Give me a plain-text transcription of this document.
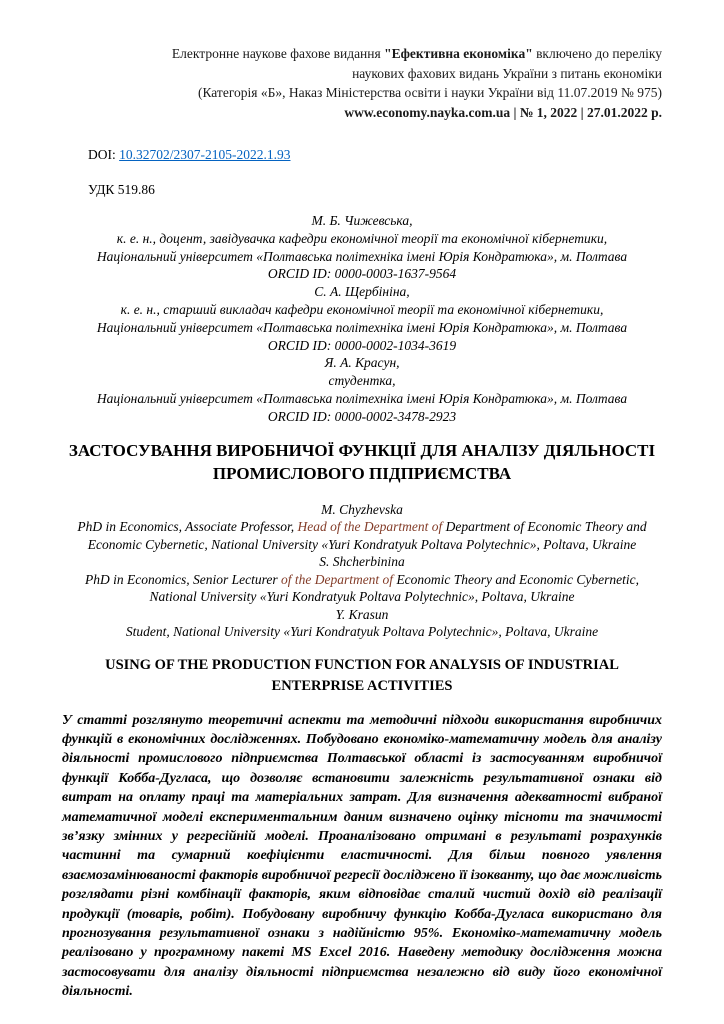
Електронне наукове фахове видання "Ефективна економіка" включено до переліку
наукових фахових видань України з питань економіки
(Категорія «Б», Наказ Міністерства освіти і науки України від 11.07.2019 № 975)
www.economy.nayka.com.ua | № 1, 2022 | 27.01.2022 р.
DOI: 10.32702/2307-2105-2022.1.93
УДК 519.86
М. Б. Чижевська,
к. е. н., доцент, завідувачка кафедри економічної теорії та економічної кібернетики,
Національний університет «Полтавська політехніка імені Юрія Кондратюка», м. Полтава
ORCID ID: 0000-0003-1637-9564
С. А. Щербініна,
к. е. н., старший викладач кафедри економічної теорії та економічної кібернетики,
Національний університет «Полтавська політехніка імені Юрія Кондратюка», м. Полтава
ORCID ID: 0000-0002-1034-3619
Я. А. Красун,
студентка,
Національний університет «Полтавська політехніка імені Юрія Кондратюка», м. Полтава
ORCID ID: 0000-0002-3478-2923
ЗАСТОСУВАННЯ ВИРОБНИЧОЇ ФУНКЦІЇ ДЛЯ АНАЛІЗУ ДІЯЛЬНОСТІ ПРОМИСЛОВОГО ПІДПРИЄМСТВА
M. Chyzhevska
PhD in Economics, Associate Professor, Head of the Department of Department of Economic Theory and Economic Cybernetic, National University «Yuri Kondratyuk Poltava Polytechnic», Poltava, Ukraine
S. Shcherbinina
PhD in Economics, Senior Lecturer of the Department of Economic Theory and Economic Cybernetic, National University «Yuri Kondratyuk Poltava Polytechnic», Poltava, Ukraine
Y. Krasun
Student, National University «Yuri Kondratyuk Poltava Polytechnic», Poltava, Ukraine
USING OF THE PRODUCTION FUNCTION FOR ANALYSIS OF INDUSTRIAL ENTERPRISE ACTIVITIES

У статті розглянуто теоретичні аспекти та методичні підходи використання виробничих функцій в економічних дослідженнях. Побудовано економіко-математичну модель для аналізу діяльності промислового підприємства Полтавської області із застосуванням виробничої функції Кобба-Дугласа, що дозволяє встановити залежність результативної ознаки від витрат на оплату праці та матеріальних затрат. Для визначення адекватності вибраної математичної моделі експериментальним даним визначено оцінку тісноти та значимості зв’язку змінних у регресійній моделі. Проаналізовано отримані в результаті розрахунків частинні та сумарний коефіцієнти еластичності. Для більш повного уявлення взаємозамінюваності факторів виробничої регресії досліджено її ізокванту, що дає можливість розглядати різні комбінації факторів, яким відповідає сталий чистий дохід від реалізації продукції (товарів, робіт). Побудовану виробничу функцію Кобба-Дугласа використано для прогнозування результативної ознаки з надійністю 95%. Економіко-математичну модель реалізовано у програмному пакеті MS Excel 2016. Наведену методику дослідження можна застосовувати для аналізу діяльності підприємства незалежно від виду його економічної діяльності.
